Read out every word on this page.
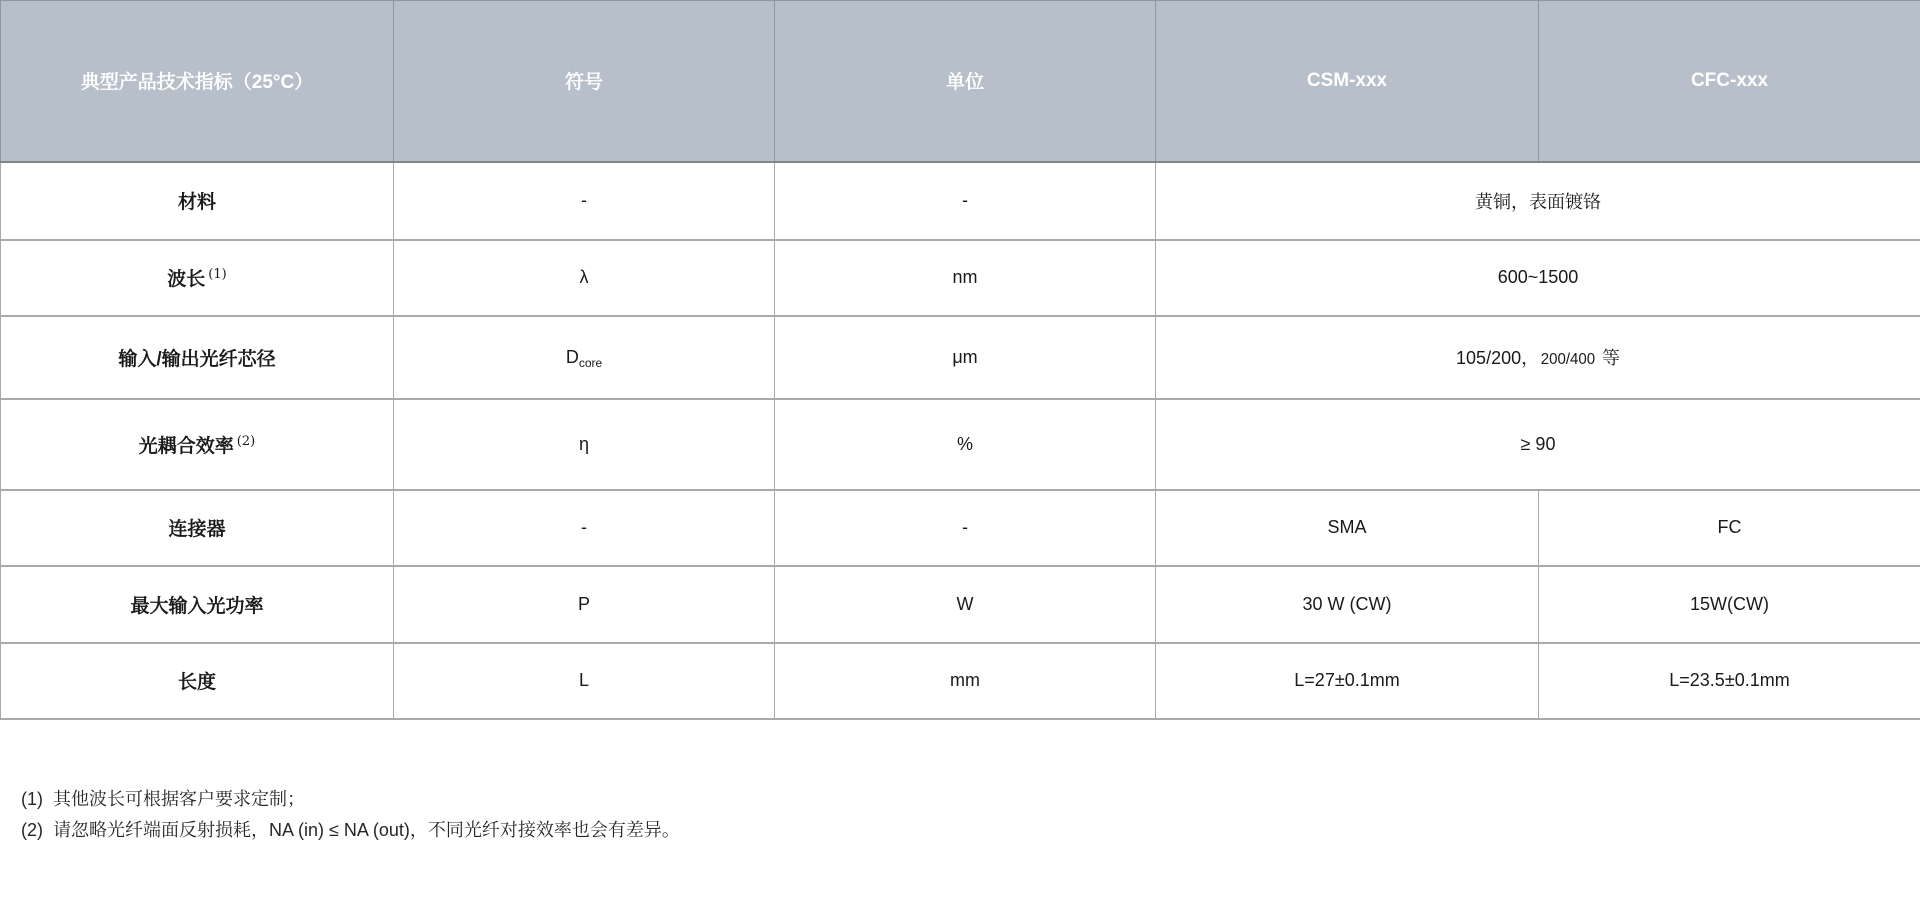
典型产品技术指标（25°C）	符号	单位	CSM-xxx	CFC-xxx
材料	-	-	黄铜，表面镀铬	
波长 $^{(1)}$	λ	nm	600~1500	
输入/输出光纤芯径	$D_{core}$	μm	105/200， 200/400 等	
光耦合效率 $^{(2)}$	η	%	≥ 90	
连接器	-	-	SMA	FC
最大输入光功率	P	W	30 W (CW)	15W(CW)
长度	L	mm	L=27±0.1mm	L=23.5±0.1mm
(1) 其他波长可根据客户要求定制；
(2) 请忽略光纤端面反射损耗，NA (in) ≤ NA (out)，不同光纤对接效率也会有差异。
